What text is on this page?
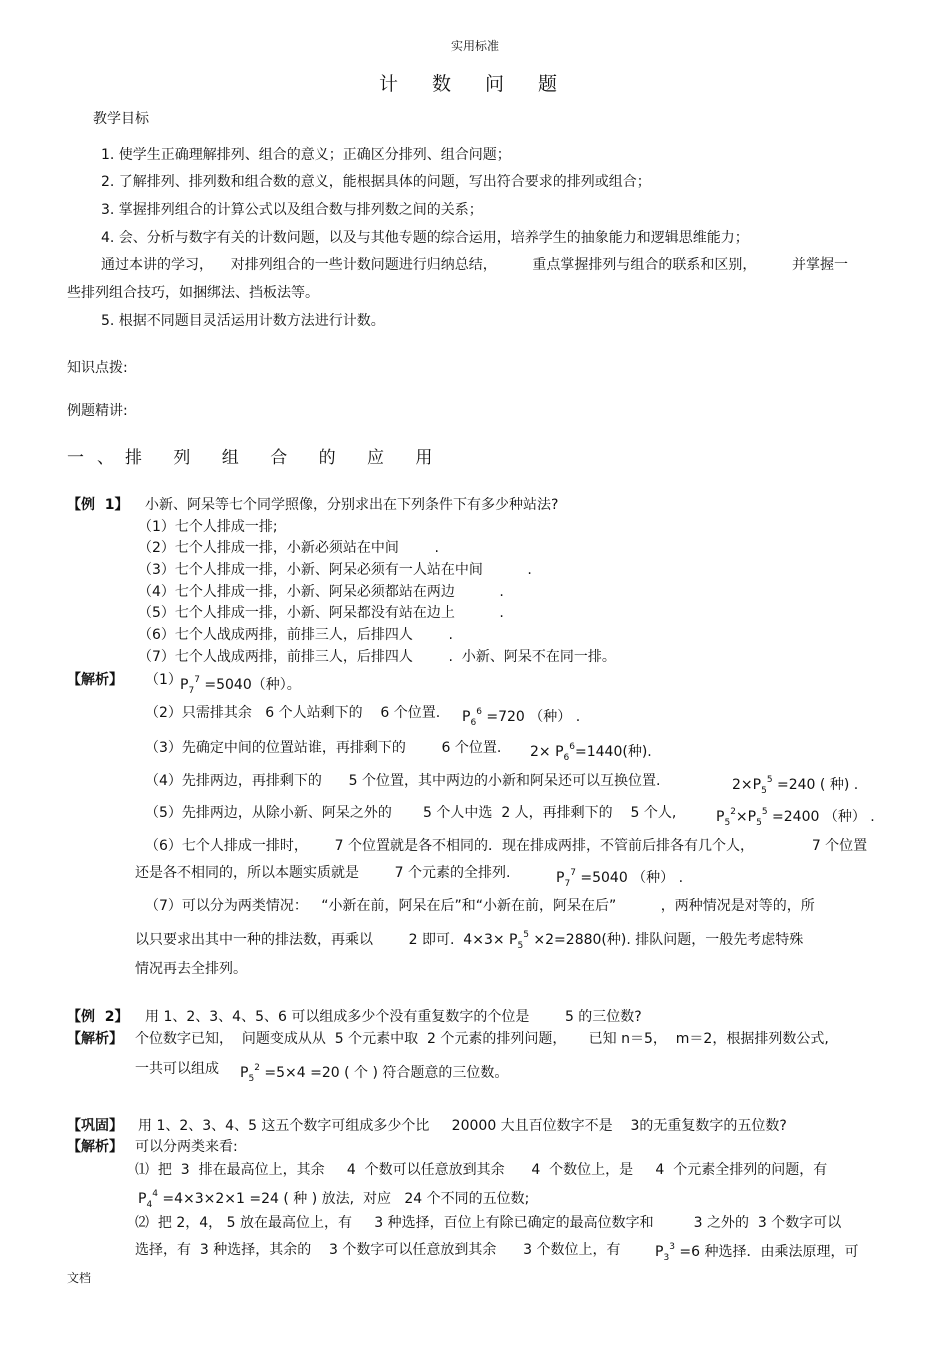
实用标准
计 数 问 题
教学目标
1. 使学生正确理解排列、组合的意义；正确区分排列、组合问题；
2. 了解排列、排列数和组合数的意义，能根据具体的问题，写出符合要求的排列或组合；
3. 掌握排列组合的计算公式以及组合数与排列数之间的关系；
4. 会、分析与数字有关的计数问题，以及与其他专题的综合运用，培养学生的抽象能力和逻辑思维能力；
通过本讲的学习，    对排列组合的一些计数问题进行归纳总结，        重点掌握排列与组合的联系和区别，        并掌握一
些排列组合技巧，如捆绑法、挡板法等。
5. 根据不同题目灵活运用计数方法进行计数。
知识点拨:
例题精讲:
一、
排 列 组 合 的 应 用
【例  1】 小新、阿呆等七个同学照像，分别求出在下列条件下有多少种站法?
（1）七个人排成一排;
（2）七个人排成一排，小新必须站在中间        .
（3）七个人排成一排，小新、阿呆必须有一人站在中间          .
（4）七个人排成一排，小新、阿呆必须都站在两边          .
（5）七个人排成一排，小新、阿呆都没有站在边上          .
（6）七个人战成两排，前排三人，后排四人        .
（7）七个人战成两排，前排三人，后排四人        .  小新、阿呆不在同一排。
【解析】 （1）
$P_7^7 =5040$（种）。
（2）只需排其余   6 个人站剩下的    6 个位置. $P_6^6 =720$ （种） .
（3）先确定中间的位置站谁，再排剩下的        6 个位置. $2\times P_6^6=1440$(种).
（4）先排两边，再排剩下的      5 个位置，其中两边的小新和阿呆还可以互换位置.	$2\times P_5^5 =240$ ( 种) .
（5）先排两边，从除小新、阿呆之外的       5 个人中选  2 人，再排剩下的    5 个人,	$P_5^2\times P_5^5 =2400$ （种） .
（6）七个人排成一排时，      7 个位置就是各不相同的．现在排成两排，不管前后排各有几个人，             7 个位置
还是各不相同的，所以本题实质就是        7 个元素的全排列.	$P_7^7 =5040$ （种） .
（7）可以分为两类情况：   “小新在前，阿呆在后”和“小新在前，阿呆在后”          ，两种情况是对等的，所
以只要求出其中一种的排法数，再乘以        2 即可.  $4\times 3\times P_5^5 \times 2=2880$(种). 排队问题，一般先考虑特殊
情况再去全排列。
【例  2】 用 1、2、3、4、5、6 可以组成多少个没有重复数字的个位是        5 的三位数?
【解析】 个位数字已知，  问题变成从从  5 个元素中取  2 个元素的排列问题，     已知 n＝5，  m＝2，根据排列数公式,
一共可以组成 $P_5^2 =5\times 4 =20$ ( 个 ) 符合题意的三位数。
【巩固】 用 1、2、3、4、5 这五个数字可组成多少个比     20000 大且百位数字不是    3的无重复数字的五位数?
【解析】 可以分两类来看:
⑴  把  3  排在最高位上，其余     4  个数可以任意放到其余      4  个数位上，是     4  个元素全排列的问题，有
$P_4^4 =4\times 3\times 2\times 1 =24$ ( 种 ) 放法,  对应   24 个不同的五位数;
⑵  把 2，4， 5 放在最高位上，有     3 种选择，百位上有除已确定的最高位数字和         3 之外的  3 个数字可以
选择，有  3 种选择，其余的    3 个数字可以任意放到其余      3 个数位上，有 $P_3^3 =6$ 种选择．由乘法原理，可
文档
